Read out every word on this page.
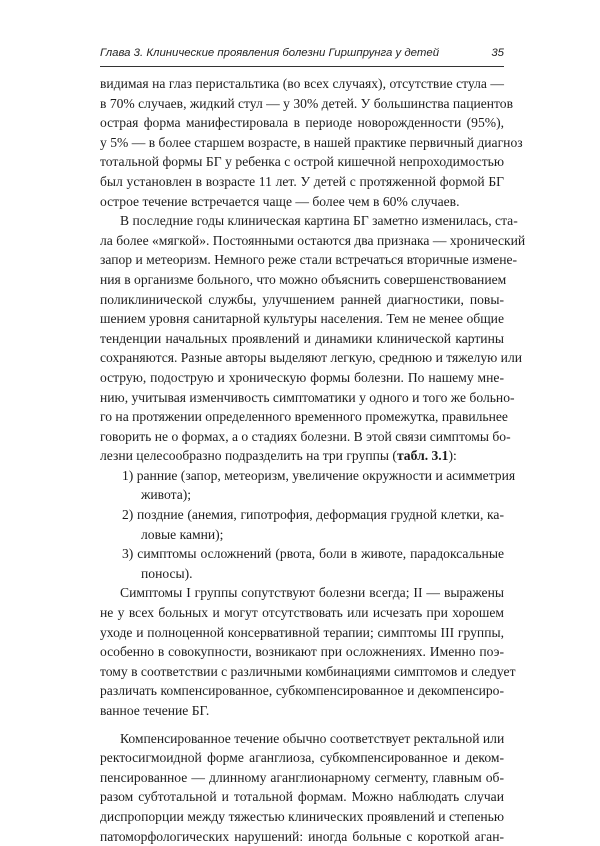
Глава 3. Клинические проявления болезни Гиршпрунга у детей	35
видимая на глаз перистальтика (во всех случаях), отсутствие стула —
в 70% случаев, жидкий стул — у 30% детей. У большинства пациентов
острая форма манифестировала в периоде новорожденности (95%),
у 5% — в более старшем возрасте, в нашей практике первичный диагноз
тотальной формы БГ у ребенка с острой кишечной непроходимостью
был установлен в возрасте 11 лет. У детей с протяженной формой БГ
острое течение встречается чаще — более чем в 60% случаев.
В последние годы клиническая картина БГ заметно изменилась, ста-
ла более «мягкой». Постоянными остаются два признака — хронический
запор и метеоризм. Немного реже стали встречаться вторичные измене-
ния в организме больного, что можно объяснить совершенствованием
поликлинической службы, улучшением ранней диагностики, повы-
шением уровня санитарной культуры населения. Тем не менее общие
тенденции начальных проявлений и динамики клинической картины
сохраняются. Разные авторы выделяют легкую, среднюю и тяжелую или
острую, подострую и хроническую формы болезни. По нашему мне-
нию, учитывая изменчивость симптоматики у одного и того же больно-
го на протяжении определенного временного промежутка, правильнее
говорить не о формах, а о стадиях болезни. В этой связи симптомы бо-
лезни целесообразно подразделить на три группы (табл. 3.1):
1) ранние (запор, метеоризм, увеличение окружности и асимметрия
живота);
2) поздние (анемия, гипотрофия, деформация грудной клетки, ка-
ловые камни);
3) симптомы осложнений (рвота, боли в животе, парадоксальные
поносы).
Симптомы I группы сопутствуют болезни всегда; II — выражены
не у всех больных и могут отсутствовать или исчезать при хорошем
уходе и полноценной консервативной терапии; симптомы III группы,
особенно в совокупности, возникают при осложнениях. Именно поэ-
тому в соответствии с различными комбинациями симптомов и следует
различать компенсированное, субкомпенсированное и декомпенсиро-
ванное течение БГ.
Компенсированное течение обычно соответствует ректальной или
ректосигмоидной форме аганглиоза, субкомпенсированное и деком-
пенсированное — длинному аганглионарному сегменту, главным об-
разом субтотальной и тотальной формам. Можно наблюдать случаи
диспропорции между тяжестью клинических проявлений и степенью
патоморфологических нарушений: иногда больные с короткой аган-
